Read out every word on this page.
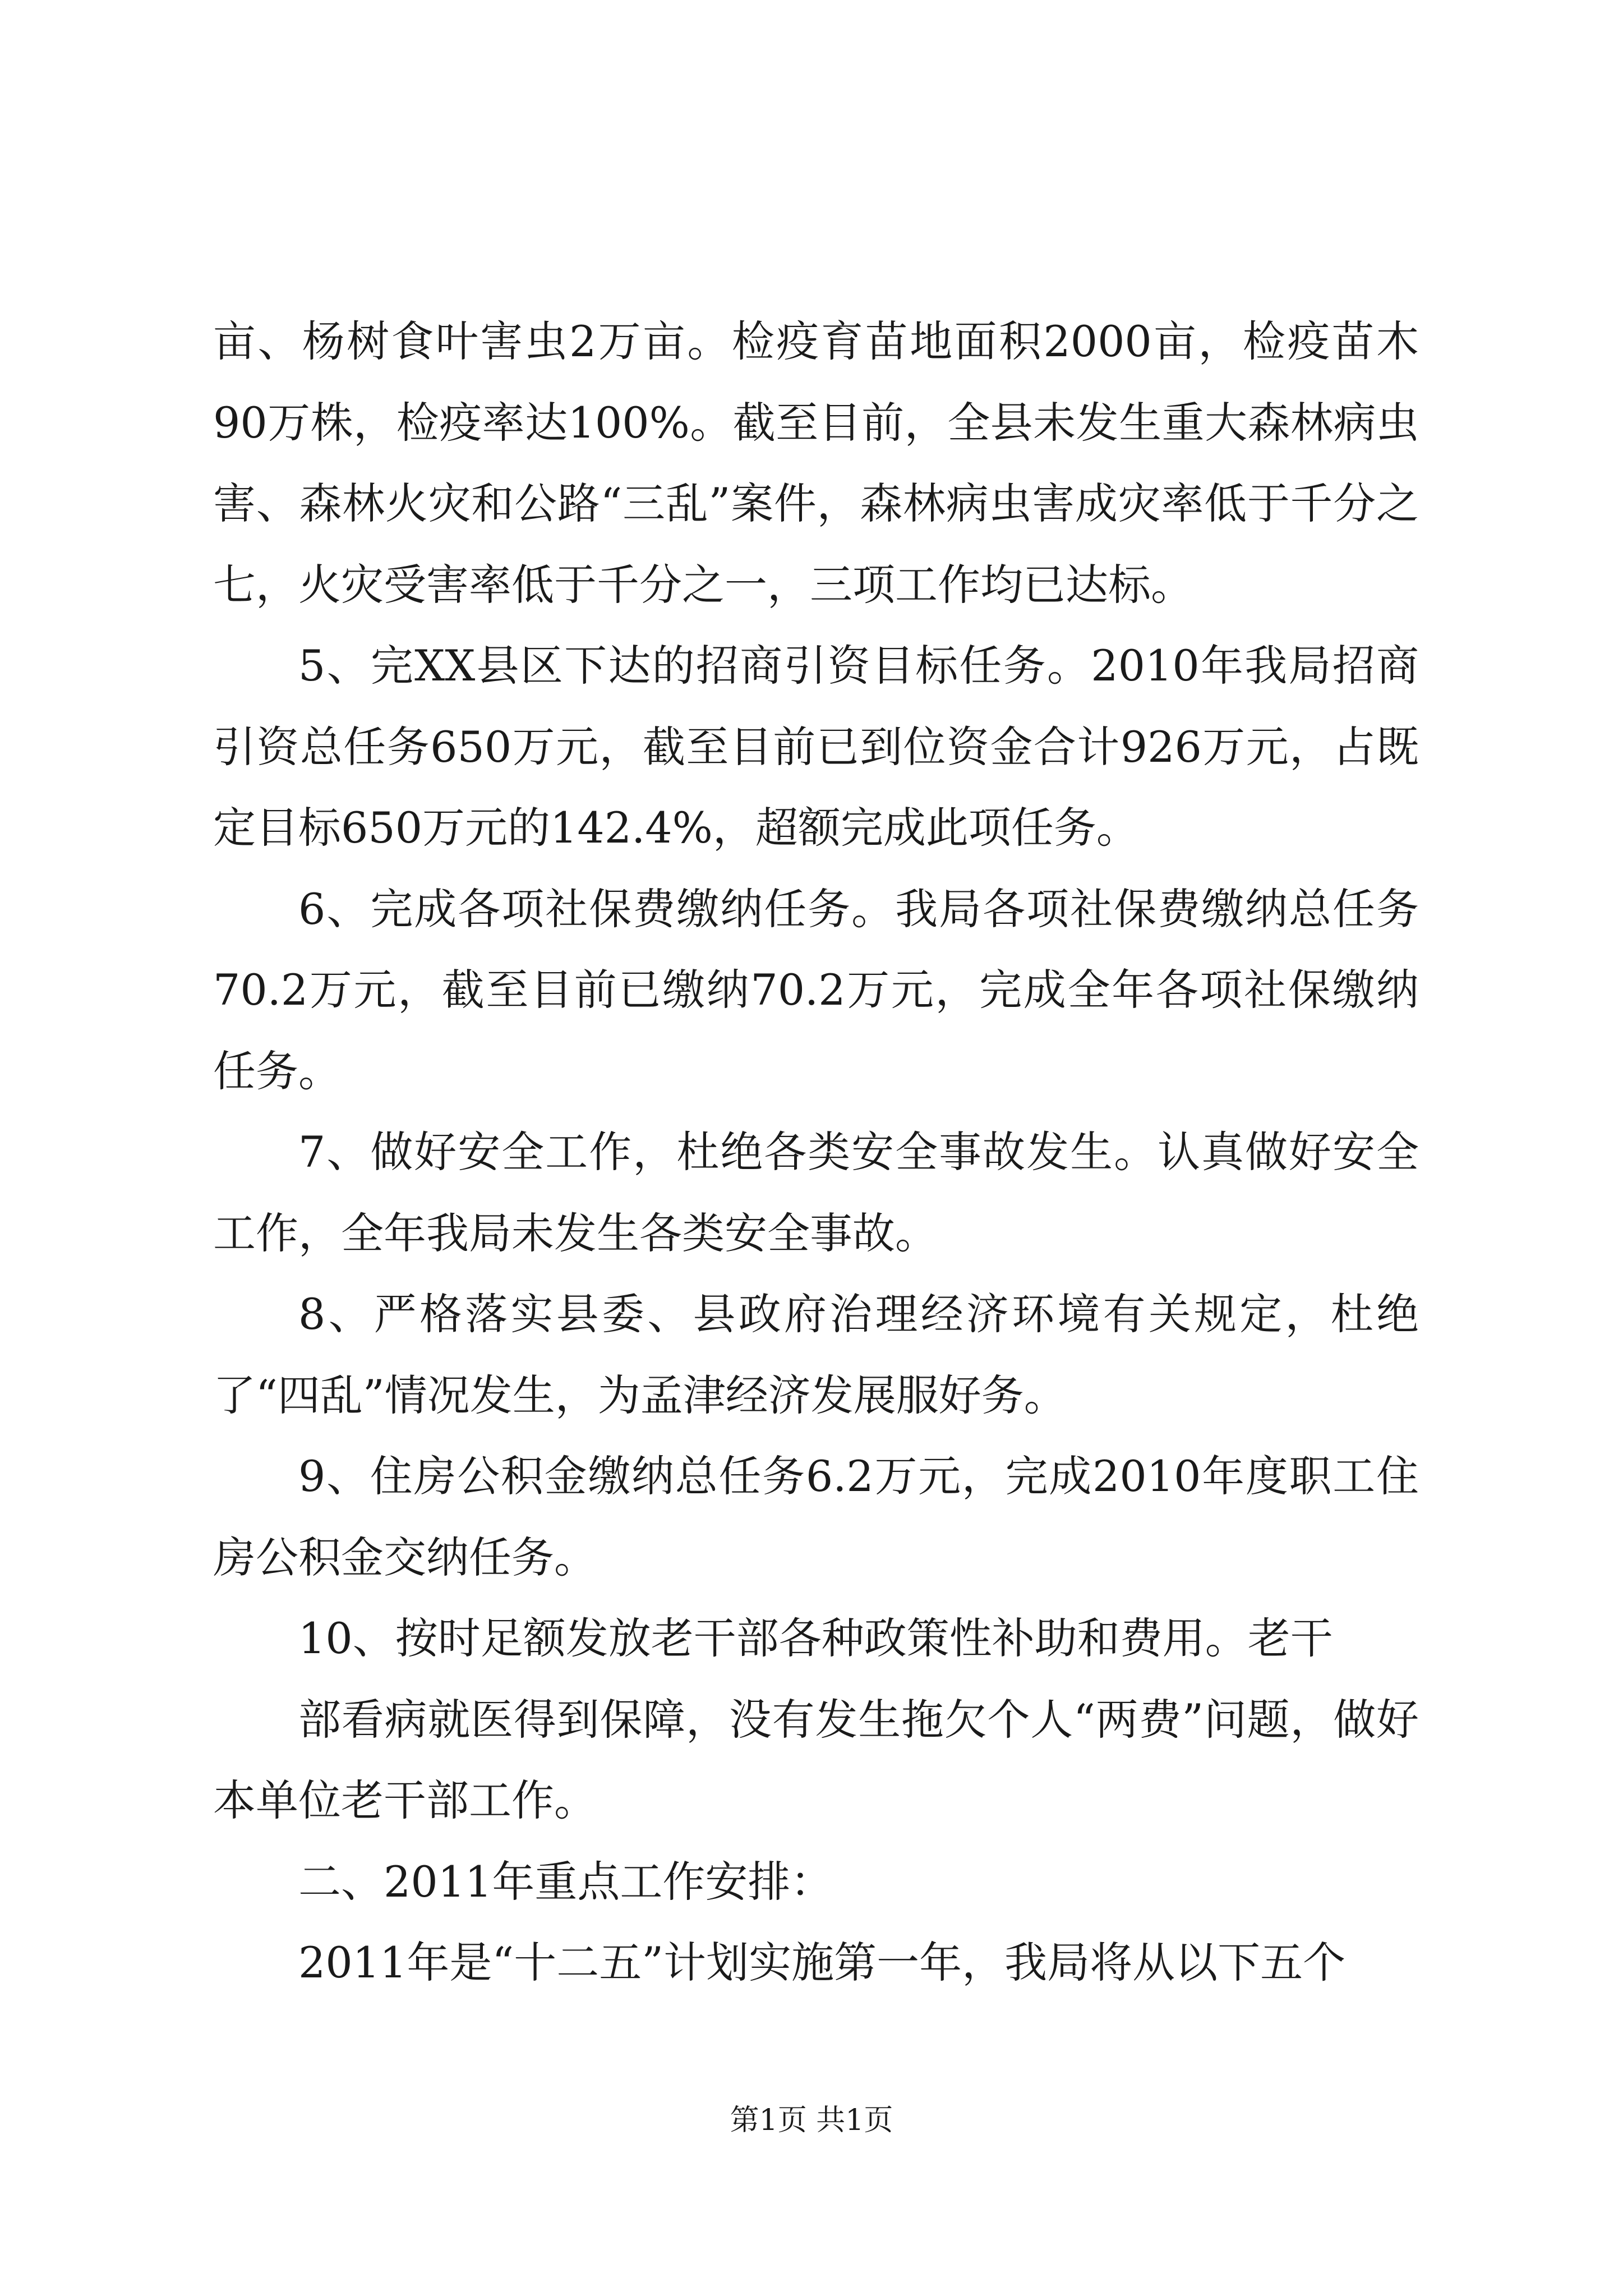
亩、杨树食叶害虫2万亩。检疫育苗地面积2000亩，检疫苗木90万株，检疫率达100%。截至目前，全县未发生重大森林病虫害、森林火灾和公路“三乱”案件，森林病虫害成灾率低于千分之七，火灾受害率低于千分之一，三项工作均已达标。

5、完XX县区下达的招商引资目标任务。2010年我局招商引资总任务650万元，截至目前已到位资金合计926万元，占既定目标650万元的142.4%，超额完成此项任务。

6、完成各项社保费缴纳任务。我局各项社保费缴纳总任务70.2万元，截至目前已缴纳70.2万元，完成全年各项社保缴纳任务。

7、做好安全工作，杜绝各类安全事故发生。认真做好安全工作，全年我局未发生各类安全事故。

8、严格落实县委、县政府治理经济环境有关规定，杜绝了“四乱”情况发生，为孟津经济发展服好务。

9、住房公积金缴纳总任务6.2万元，完成2010年度职工住房公积金交纳任务。

10、按时足额发放老干部各种政策性补助和费用。老干

部看病就医得到保障，没有发生拖欠个人“两费”问题，做好本单位老干部工作。

二、2011年重点工作安排：

2011年是“十二五”计划实施第一年，我局将从以下五个

第1页 共1页
